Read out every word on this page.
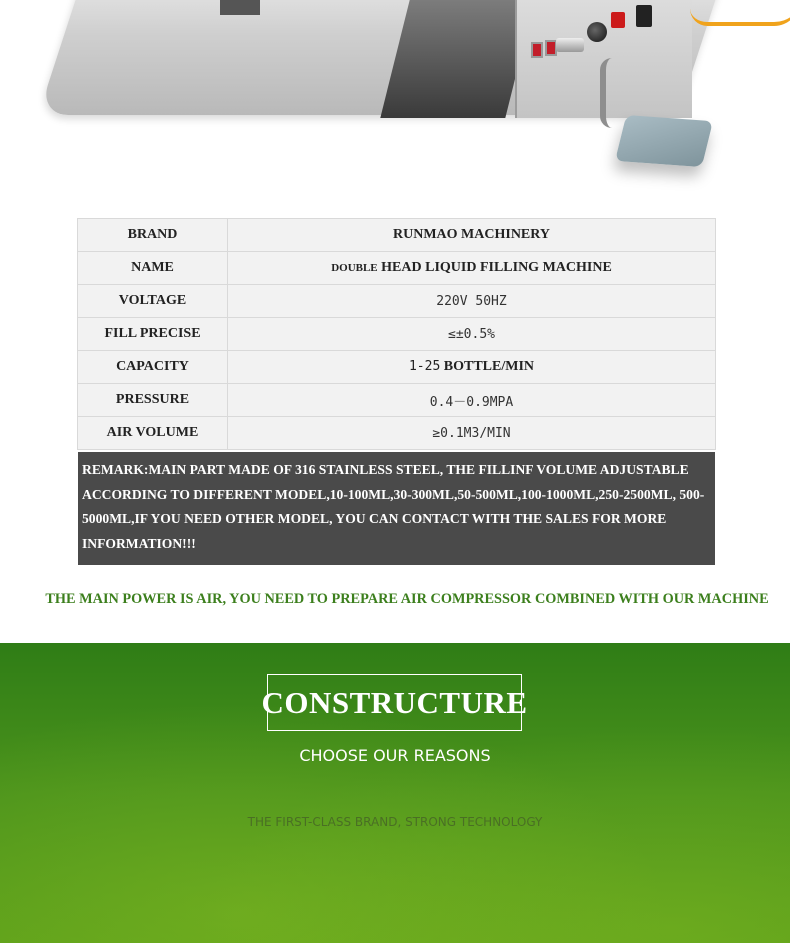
BRAND	RUNMAO MACHINERY
NAME	DOUBLE HEAD LIQUID FILLING MACHINE
VOLTAGE	220V 50HZ
FILL PRECISE	≤±0.5%
CAPACITY	1-25 BOTTLE/MIN
PRESSURE	0.4－0.9MPA
AIR VOLUME	≥0.1M3/MIN
REMARK:MAIN PART MADE OF 316 STAINLESS STEEL, THE FILLINF VOLUME ADJUSTABLE ACCORDING TO DIFFERENT MODEL,10-100ML,30-300ML,50-500ML,100-1000ML,250-2500ML, 500-5000ML,IF YOU NEED OTHER MODEL, YOU CAN CONTACT WITH THE SALES FOR MORE INFORMATION!!!
THE MAIN POWER IS AIR, YOU NEED TO PREPARE AIR COMPRESSOR COMBINED WITH OUR MACHINE
CONSTRUCTURE
CHOOSE OUR REASONS
THE FIRST-CLASS BRAND, STRONG TECHNOLOGY
